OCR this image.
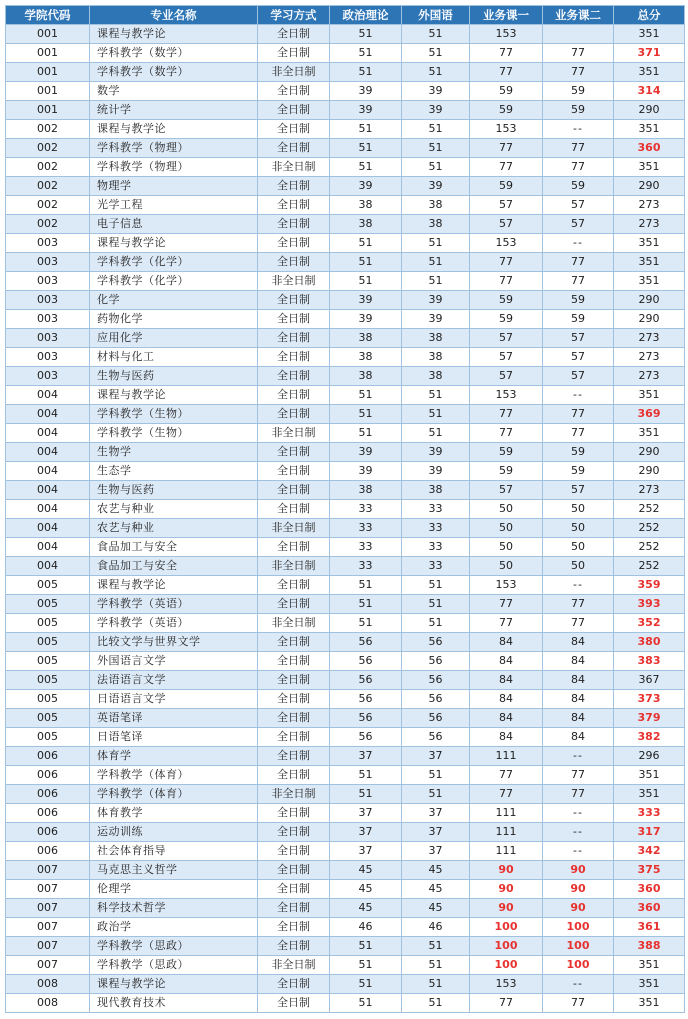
学院代码	专业名称	学习方式	政治理论	外国语	业务课一	业务课二	总分
001	课程与教学论	全日制	51	51	153		351
001	学科教学（数学）	全日制	51	51	77	77	371
001	学科教学（数学）	非全日制	51	51	77	77	351
001	数学	全日制	39	39	59	59	314
001	统计学	全日制	39	39	59	59	290
002	课程与教学论	全日制	51	51	153	--	351
002	学科教学（物理）	全日制	51	51	77	77	360
002	学科教学（物理）	非全日制	51	51	77	77	351
002	物理学	全日制	39	39	59	59	290
002	光学工程	全日制	38	38	57	57	273
002	电子信息	全日制	38	38	57	57	273
003	课程与教学论	全日制	51	51	153	--	351
003	学科教学（化学）	全日制	51	51	77	77	351
003	学科教学（化学）	非全日制	51	51	77	77	351
003	化学	全日制	39	39	59	59	290
003	药物化学	全日制	39	39	59	59	290
003	应用化学	全日制	38	38	57	57	273
003	材料与化工	全日制	38	38	57	57	273
003	生物与医药	全日制	38	38	57	57	273
004	课程与教学论	全日制	51	51	153	--	351
004	学科教学（生物）	全日制	51	51	77	77	369
004	学科教学（生物）	非全日制	51	51	77	77	351
004	生物学	全日制	39	39	59	59	290
004	生态学	全日制	39	39	59	59	290
004	生物与医药	全日制	38	38	57	57	273
004	农艺与种业	全日制	33	33	50	50	252
004	农艺与种业	非全日制	33	33	50	50	252
004	食品加工与安全	全日制	33	33	50	50	252
004	食品加工与安全	非全日制	33	33	50	50	252
005	课程与教学论	全日制	51	51	153	--	359
005	学科教学（英语）	全日制	51	51	77	77	393
005	学科教学（英语）	非全日制	51	51	77	77	352
005	比较文学与世界文学	全日制	56	56	84	84	380
005	外国语言文学	全日制	56	56	84	84	383
005	法语语言文学	全日制	56	56	84	84	367
005	日语语言文学	全日制	56	56	84	84	373
005	英语笔译	全日制	56	56	84	84	379
005	日语笔译	全日制	56	56	84	84	382
006	体育学	全日制	37	37	111	--	296
006	学科教学（体育）	全日制	51	51	77	77	351
006	学科教学（体育）	非全日制	51	51	77	77	351
006	体育教学	全日制	37	37	111	--	333
006	运动训练	全日制	37	37	111	--	317
006	社会体育指导	全日制	37	37	111	--	342
007	马克思主义哲学	全日制	45	45	90	90	375
007	伦理学	全日制	45	45	90	90	360
007	科学技术哲学	全日制	45	45	90	90	360
007	政治学	全日制	46	46	100	100	361
007	学科教学（思政）	全日制	51	51	100	100	388
007	学科教学（思政）	非全日制	51	51	100	100	351
008	课程与教学论	全日制	51	51	153	--	351
008	现代教育技术	全日制	51	51	77	77	351
